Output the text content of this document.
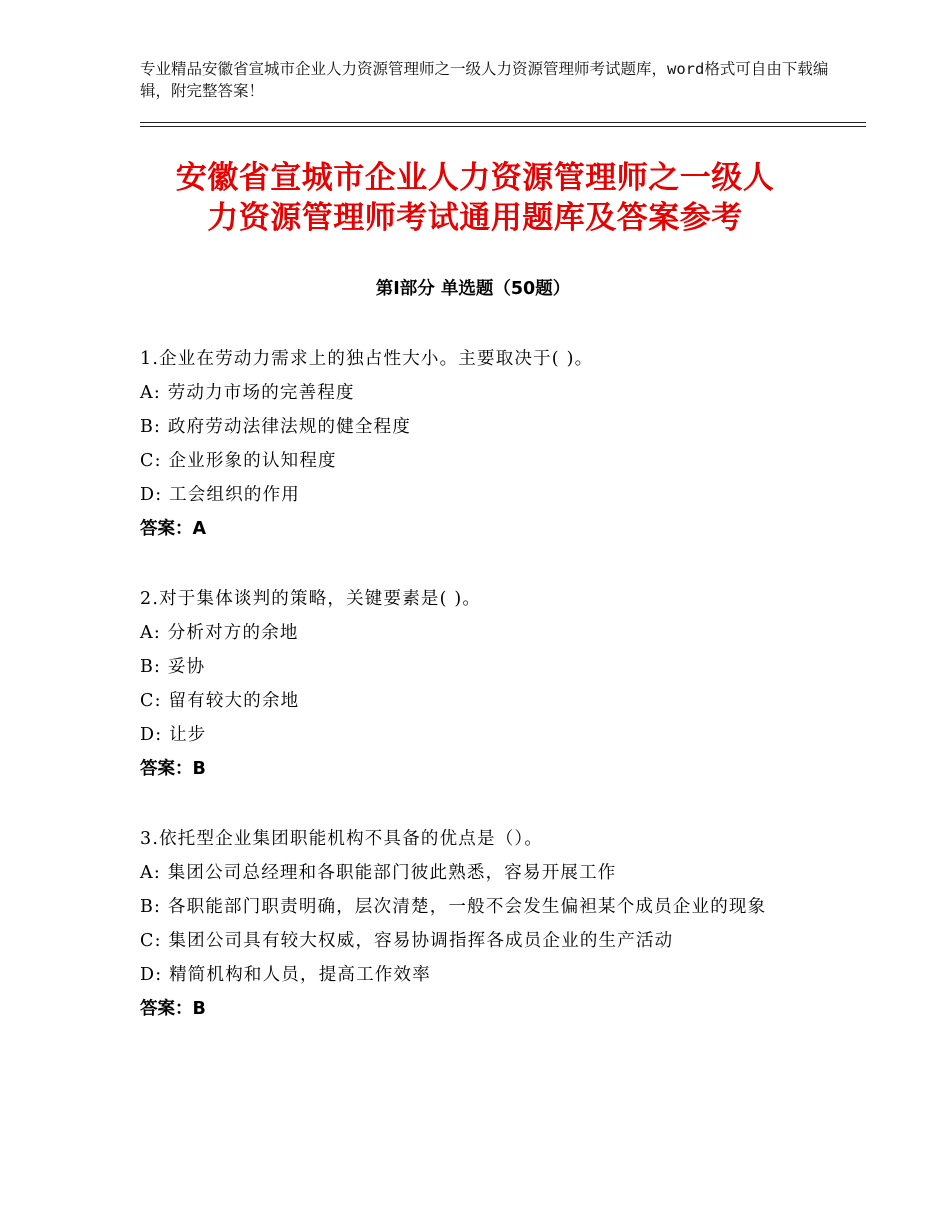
专业精品安徽省宣城市企业人力资源管理师之一级人力资源管理师考试题库，word格式可自由下载编辑，附完整答案！
安徽省宣城市企业人力资源管理师之一级人
力资源管理师考试通用题库及答案参考
第I部分 单选题（50题）
1.企业在劳动力需求上的独占性大小。主要取决于( )。
A: 劳动力市场的完善程度
B: 政府劳动法律法规的健全程度
C: 企业形象的认知程度
D: 工会组织的作用
答案：A
2.对于集体谈判的策略，关键要素是( )。
A: 分析对方的余地
B: 妥协
C: 留有较大的余地
D: 让步
答案：B
3.依托型企业集团职能机构不具备的优点是（）。
A: 集团公司总经理和各职能部门彼此熟悉，容易开展工作
B: 各职能部门职责明确，层次清楚，一般不会发生偏袒某个成员企业的现象
C: 集团公司具有较大权威，容易协调指挥各成员企业的生产活动
D: 精简机构和人员，提高工作效率
答案：B
